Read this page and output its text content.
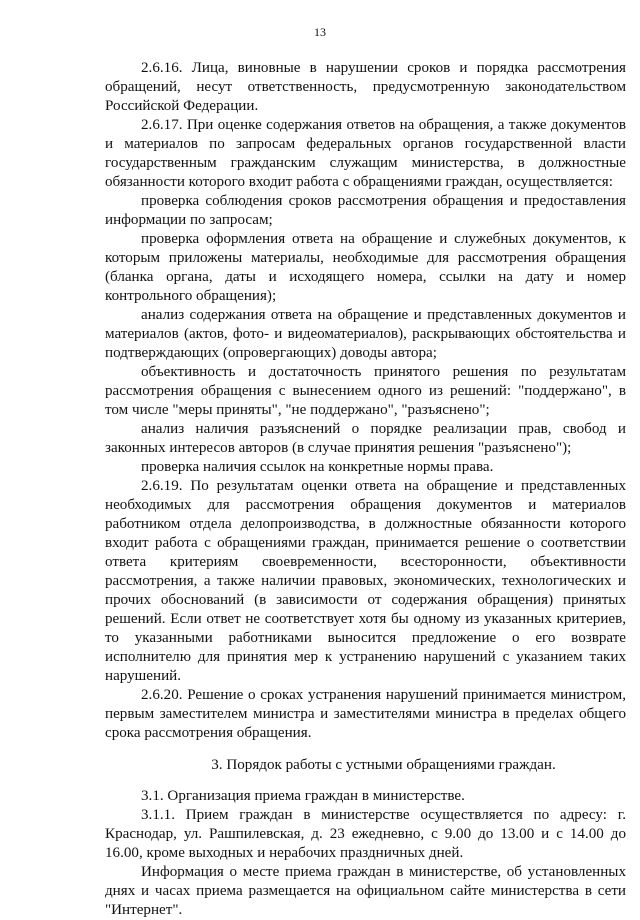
13

2.6.16. Лица, виновные в нарушении сроков и порядка рассмотрения обращений, несут ответственность, предусмотренную законодательством Российской Федерации.

2.6.17. При оценке содержания ответов на обращения, а также документов и материалов по запросам федеральных органов государственной власти государственным гражданским служащим министерства, в должностные обязанности которого входит работа с обращениями граждан, осуществляется:

проверка соблюдения сроков рассмотрения обращения и предоставления информации по запросам;

проверка оформления ответа на обращение и служебных документов, к которым приложены материалы, необходимые для рассмотрения обращения (бланка органа, даты и исходящего номера, ссылки на дату и номер контрольного обращения);

анализ содержания ответа на обращение и представленных документов и материалов (актов, фото- и видеоматериалов), раскрывающих обстоятельства и подтверждающих (опровергающих) доводы автора;

объективность и достаточность принятого решения по результатам рассмотрения обращения с вынесением одного из решений: "поддержано", в том числе "меры приняты", "не поддержано", "разъяснено";

анализ наличия разъяснений о порядке реализации прав, свобод и законных интересов авторов (в случае принятия решения "разъяснено");

проверка наличия ссылок на конкретные нормы права.

2.6.19. По результатам оценки ответа на обращение и представленных необходимых для рассмотрения обращения документов и материалов работником отдела делопроизводства, в должностные обязанности которого входит работа с обращениями граждан, принимается решение о соответствии ответа критериям своевременности, всесторонности, объективности рассмотрения, а также наличии правовых, экономических, технологических и прочих обоснований (в зависимости от содержания обращения) принятых решений. Если ответ не соответствует хотя бы одному из указанных критериев, то указанными работниками выносится предложение о его возврате исполнителю для принятия мер к устранению нарушений с указанием таких нарушений.

2.6.20. Решение о сроках устранения нарушений принимается министром, первым заместителем министра и заместителями министра в пределах общего срока рассмотрения обращения.

3. Порядок работы с устными обращениями граждан.

3.1. Организация приема граждан в министерстве.

3.1.1. Прием граждан в министерстве осуществляется по адресу: г. Краснодар, ул. Рашпилевская, д. 23 ежедневно, с 9.00 до 13.00 и с 14.00 до 16.00, кроме выходных и нерабочих праздничных дней.

Информация о месте приема граждан в министерстве, об установленных днях и часах приема размещается на официальном сайте министерства в сети "Интернет".
